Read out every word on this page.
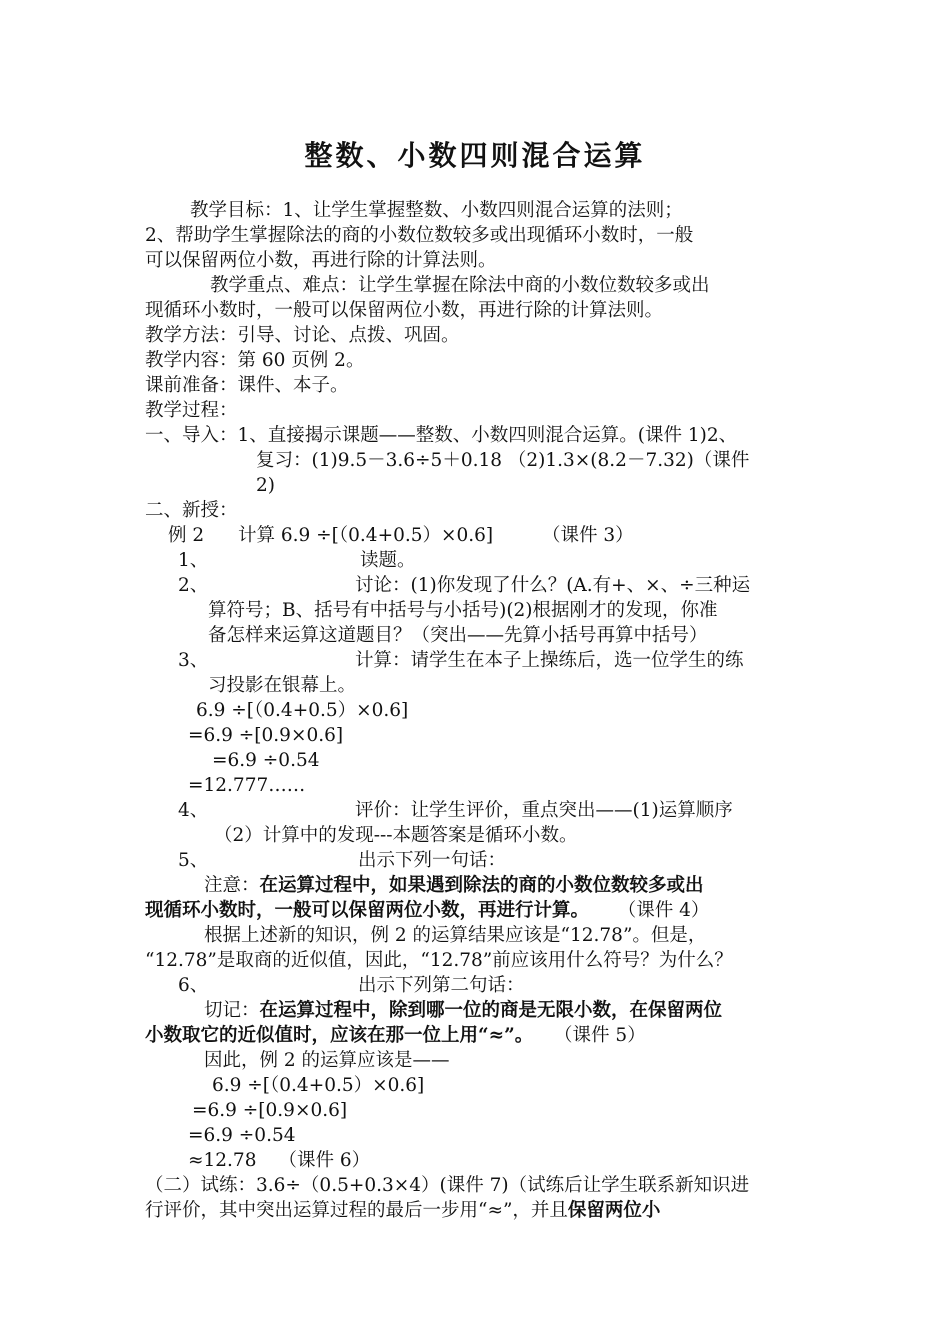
整数、小数四则混合运算
教学目标：1、让学生掌握整数、小数四则混合运算的法则；
2、帮助学生掌握除法的商的小数位数较多或出现循环小数时，一般
可以保留两位小数，再进行除的计算法则。
教学重点、难点：让学生掌握在除法中商的小数位数较多或出
现循环小数时，一般可以保留两位小数，再进行除的计算法则。
教学方法：引导、讨论、点拨、巩固。
教学内容：第 60 页例 2。
课前准备：课件、本子。
教学过程：
一、导入：1、直接揭示课题——整数、小数四则混合运算。(课件 1)2、
复习：(1)9.5－3.6÷5＋0.18 （2)1.3×(8.2－7.32)（课件
2)
二、新授：
例 2 计算 6.9 ÷[（0.4+0.5）×0.6]	（课件 3）
1、	读题。
2、	讨论：(1)你发现了什么？(A.有+、×、÷三种运
算符号；B、括号有中括号与小括号)(2)根据刚才的发现，你准
备怎样来运算这道题目？（突出——先算小括号再算中括号）
3、	计算：请学生在本子上操练后，选一位学生的练
习投影在银幕上。
6.9 ÷[（0.4+0.5）×0.6]
=6.9 ÷[0.9×0.6]
=6.9 ÷0.54
=12.777……
4、	评价：让学生评价，重点突出——(1)运算顺序
（2）计算中的发现---本题答案是循环小数。
5、	出示下列一句话：
注意：在运算过程中，如果遇到除法的商的小数位数较多或出
现循环小数时，一般可以保留两位小数，再进行计算。 （课件 4）
根据上述新的知识，例 2 的运算结果应该是“12.78”。但是，
“12.78”是取商的近似值，因此，“12.78”前应该用什么符号？为什么？
6、	出示下列第二句话：
切记：在运算过程中，除到哪一位的商是无限小数，在保留两位
小数取它的近似值时，应该在那一位上用“≈”。 （课件 5）
因此，例 2 的运算应该是——
6.9 ÷[（0.4+0.5）×0.6]
=6.9 ÷[0.9×0.6]
=6.9 ÷0.54
≈12.78 （课件 6）
（二）试练：3.6÷（0.5+0.3×4）(课件 7)（试练后让学生联系新知识进
行评价，其中突出运算过程的最后一步用“≈”，并且保留两位小
